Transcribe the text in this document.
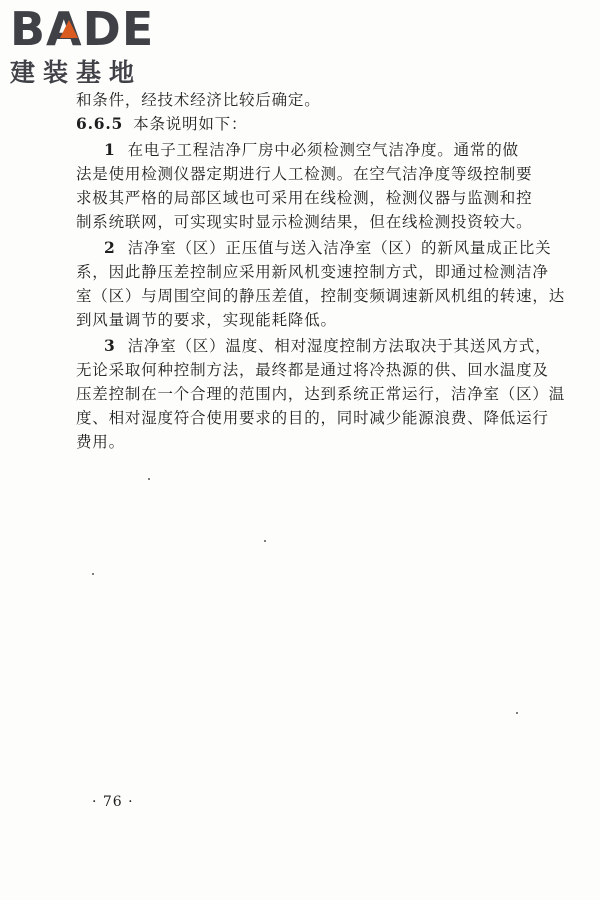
BADE
建装基地
和条件，经技术经济比较后确定。
6.6.5 本条说明如下：
1 在电子工程洁净厂房中必须检测空气洁净度。通常的做
法是使用检测仪器定期进行人工检测。在空气洁净度等级控制要
求极其严格的局部区域也可采用在线检测，检测仪器与监测和控
制系统联网，可实现实时显示检测结果，但在线检测投资较大。
2 洁净室（区）正压值与送入洁净室（区）的新风量成正比关
系，因此静压差控制应采用新风机变速控制方式，即通过检测洁净
室（区）与周围空间的静压差值，控制变频调速新风机组的转速，达
到风量调节的要求，实现能耗降低。
3 洁净室（区）温度、相对湿度控制方法取决于其送风方式，
无论采取何种控制方法，最终都是通过将冷热源的供、回水温度及
压差控制在一个合理的范围内，达到系统正常运行，洁净室（区）温
度、相对湿度符合使用要求的目的，同时减少能源浪费、降低运行
费用。
· 76 ·
